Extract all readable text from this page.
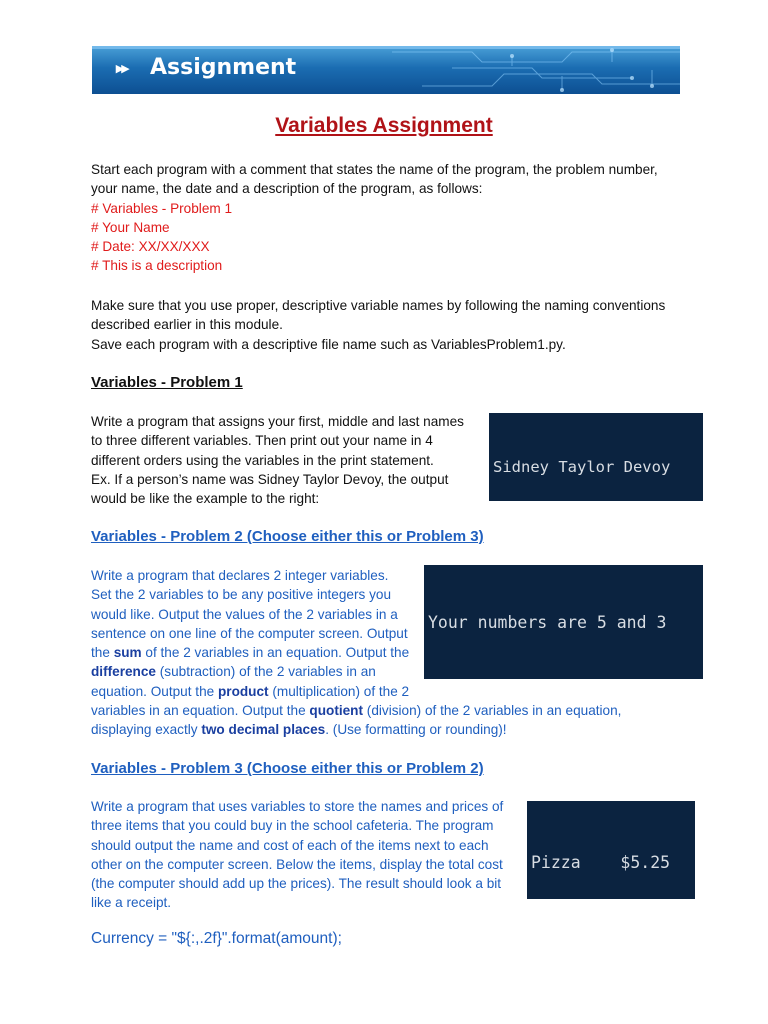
▸▸ Assignment
Variables Assignment
Start each program with a comment that states the name of the program, the problem number,
your name, the date and a description of the program, as follows:
# Variables - Problem 1
# Your Name
# Date: XX/XX/XXX
# This is a description
Make sure that you use proper, descriptive variable names by following the naming conventions
described earlier in this module.
Save each program with a descriptive file name such as VariablesProblem1.py.
Variables - Problem 1
Write a program that assigns your first, middle and last names
to three different variables. Then print out your name in 4
different orders using the variables in the print statement.
Ex. If a person’s name was Sidney Taylor Devoy, the output
would be like the example to the right:

Sidney Taylor Devoy

Variables - Problem 2 (Choose either this or Problem 3)
Write a program that declares 2 integer variables.
Set the 2 variables to be any positive integers you
would like. Output the values of the 2 variables in a
sentence on one line of the computer screen. Output
the sum of the 2 variables in an equation. Output the
difference (subtraction) of the 2 variables in an
equation. Output the product (multiplication) of the 2
variables in an equation. Output the quotient (division) of the 2 variables in an equation,
displaying exactly two decimal places. (Use formatting or rounding)!

Your numbers are 5 and 3

Variables - Problem 3 (Choose either this or Problem 2)
Write a program that uses variables to store the names and prices of
three items that you could buy in the school cafeteria. The program
should output the name and cost of each of the items next to each
other on the computer screen. Below the items, display the total cost
(the computer should add up the prices). The result should look a bit
like a receipt.

Pizza    $5.25

Currency = "${:,.2f}".format(amount);
